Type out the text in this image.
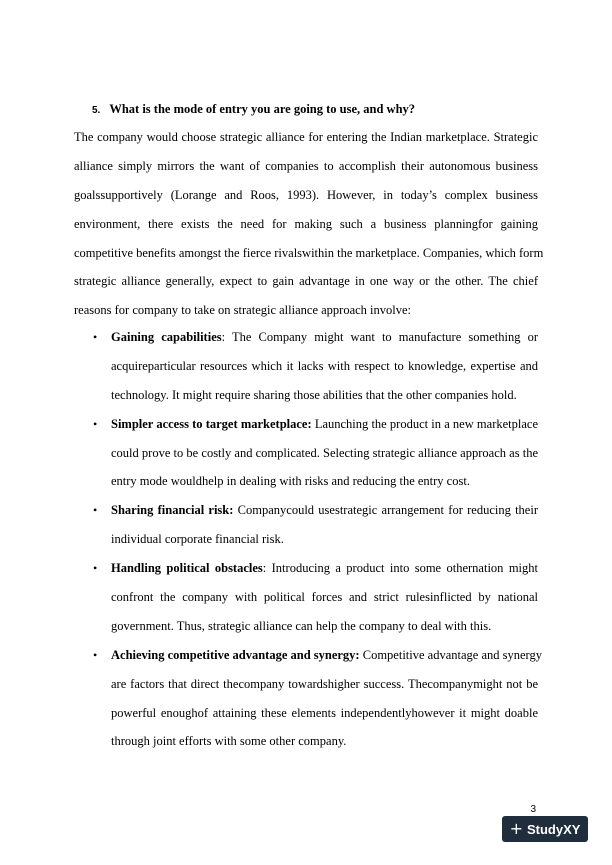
5. What is the mode of entry you are going to use, and why?
The company would choose strategic alliance for entering the Indian marketplace. Strategic
alliance simply mirrors the want of companies to accomplish their autonomous business
goalssupportively (Lorange and Roos, 1993). However, in today’s complex business
environment, there exists the need for making such a business planningfor gaining
competitive benefits amongst the fierce rivalswithin the marketplace. Companies, which form
strategic alliance generally, expect to gain advantage in one way or the other. The chief
reasons for company to take on strategic alliance approach involve:
• Gaining capabilities: The Company might want to manufacture something or
acquireparticular resources which it lacks with respect to knowledge, expertise and
technology. It might require sharing those abilities that the other companies hold.
• Simpler access to target marketplace: Launching the product in a new marketplace
could prove to be costly and complicated. Selecting strategic alliance approach as the
entry mode wouldhelp in dealing with risks and reducing the entry cost.
• Sharing financial risk: Companycould usestrategic arrangement for reducing their
individual corporate financial risk.
• Handling political obstacles: Introducing a product into some othernation might
confront the company with political forces and strict rulesinflicted by national
government. Thus, strategic alliance can help the company to deal with this.
• Achieving competitive advantage and synergy: Competitive advantage and synergy
are factors that direct thecompany towardshigher success. Thecompanymight not be
powerful enoughof attaining these elements independentlyhowever it might doable
through joint efforts with some other company.
3
+ StudyXY
